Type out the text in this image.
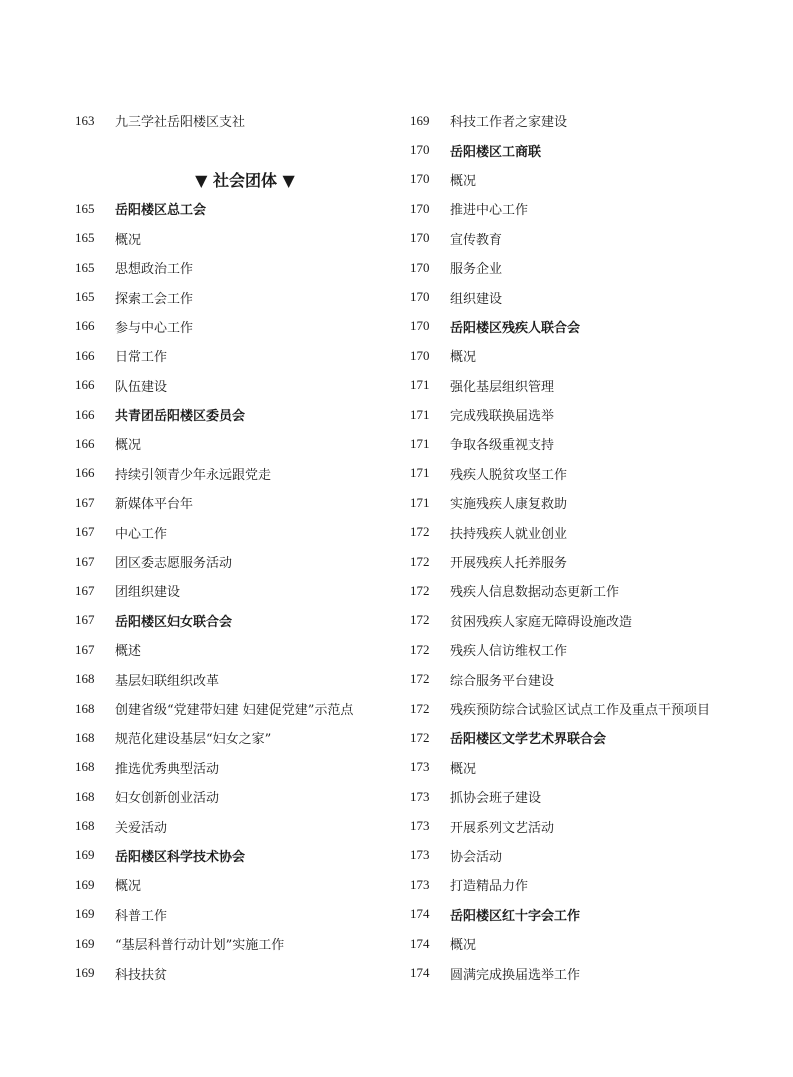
163	九三学社岳阳楼区支社
▼ 社会团体 ▼
165	岳阳楼区总工会
165	概况
165	思想政治工作
165	探索工会工作
166	参与中心工作
166	日常工作
166	队伍建设
166	共青团岳阳楼区委员会
166	概况
166	持续引领青少年永远跟党走
167	新媒体平台年
167	中心工作
167	团区委志愿服务活动
167	团组织建设
167	岳阳楼区妇女联合会
167	概述
168	基层妇联组织改革
168	创建省级“党建带妇建 妇建促党建”示范点
168	规范化建设基层“妇女之家”
168	推选优秀典型活动
168	妇女创新创业活动
168	关爱活动
169	岳阳楼区科学技术协会
169	概况
169	科普工作
169	“基层科普行动计划”实施工作
169	科技扶贫
169	科技工作者之家建设
170	岳阳楼区工商联
170	概况
170	推进中心工作
170	宣传教育
170	服务企业
170	组织建设
170	岳阳楼区残疾人联合会
170	概况
171	强化基层组织管理
171	完成残联换届选举
171	争取各级重视支持
171	残疾人脱贫攻坚工作
171	实施残疾人康复救助
172	扶持残疾人就业创业
172	开展残疾人托养服务
172	残疾人信息数据动态更新工作
172	贫困残疾人家庭无障碍设施改造
172	残疾人信访维权工作
172	综合服务平台建设
172	残疾预防综合试验区试点工作及重点干预项目
172	岳阳楼区文学艺术界联合会
173	概况
173	抓协会班子建设
173	开展系列文艺活动
173	协会活动
173	打造精品力作
174	岳阳楼区红十字会工作
174	概况
174	圆满完成换届选举工作
